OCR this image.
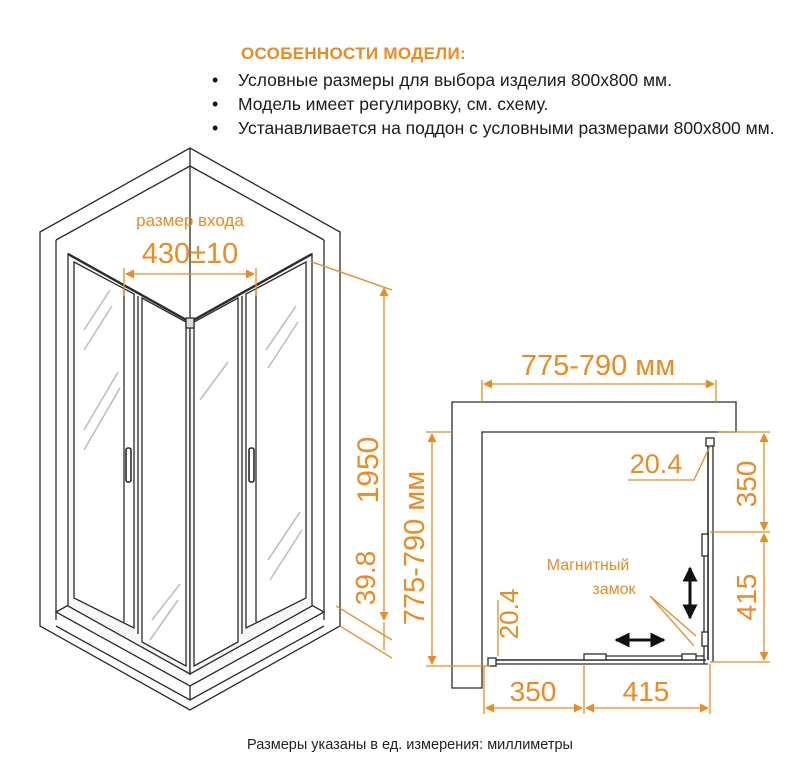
ОСОБЕННОСТИ МОДЕЛИ:
• Условные размеры для выбора изделия 800х800 мм.
• Модель имеет регулировку, см. схему.
• Устанавливается на поддон с условными размерами 800х800 мм.
размер входа
430±10
1950
39.8
775-790 мм
775-790 мм	350
415
350 415
20.4
20.4
Магнитный
замок
Размеры указаны в ед. измерения: миллиметры
